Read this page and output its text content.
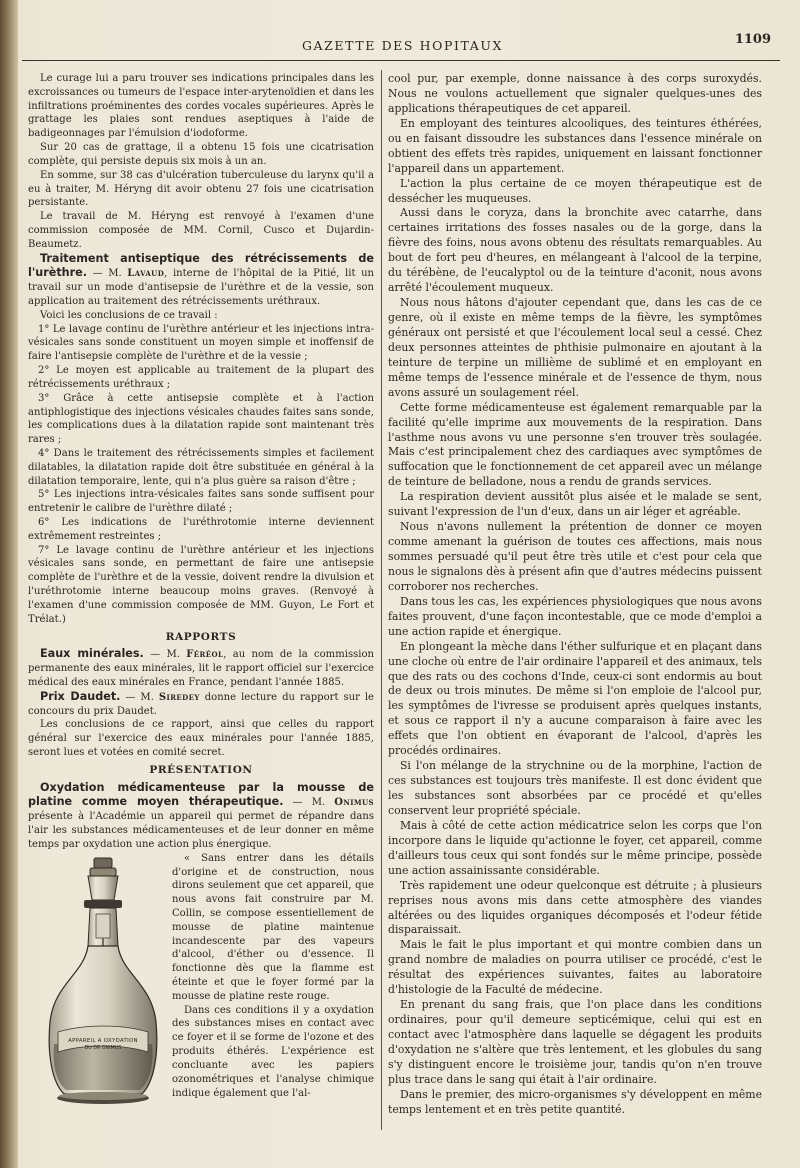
GAZETTE DES HOPITAUX	1109

Le curage lui a paru trouver ses indications principales dans les excroissances ou tumeurs de l'espace inter-arytenoïdien et dans les infiltrations proéminentes des cordes vocales supérieures. Après le grattage les plaies sont rendues aseptiques à l'aide de badigeonnages par l'émulsion d'iodoforme.

Sur 20 cas de grattage, il a obtenu 15 fois une cicatrisation complète, qui persiste depuis six mois à un an.

En somme, sur 38 cas d'ulcération tuberculeuse du larynx qu'il a eu à traiter, M. Héryng dit avoir obtenu 27 fois une cicatrisation persistante.

Le travail de M. Héryng est renvoyé à l'examen d'une commission composée de MM. Cornil, Cusco et Dujardin-Beaumetz.

Traitement antiseptique des rétrécissements de l'urèthre. — M. Lavaud, interne de l'hôpital de la Pitié, lit un travail sur un mode d'antisepsie de l'urèthre et de la vessie, son application au traitement des rétrécissements uréthraux.

Voici les conclusions de ce travail :

1° Le lavage continu de l'urèthre antérieur et les injections intra-vésicales sans sonde constituent un moyen simple et inoffensif de faire l'antisepsie complète de l'urèthre et de la vessie ;

2° Le moyen est applicable au traitement de la plupart des rétrécissements uréthraux ;

3° Grâce à cette antisepsie complète et à l'action antiphlogistique des injections vésicales chaudes faites sans sonde, les complications dues à la dilatation rapide sont maintenant très rares ;

4° Dans le traitement des rétrécissements simples et facilement dilatables, la dilatation rapide doit être substituée en général à la dilatation temporaire, lente, qui n'a plus guère sa raison d'être ;

5° Les injections intra-vésicales faites sans sonde suffisent pour entretenir le calibre de l'urèthre dilaté ;

6° Les indications de l'uréthrotomie interne deviennent extrêmement restreintes ;

7° Le lavage continu de l'urèthre antérieur et les injections vésicales sans sonde, en permettant de faire une antisepsie complète de l'urèthre et de la vessie, doivent rendre la divulsion et l'uréthrotomie interne beaucoup moins graves. (Renvoyé à l'examen d'une commission composée de MM. Guyon, Le Fort et Trélat.)

RAPPORTS

Eaux minérales. — M. Féréol, au nom de la commission permanente des eaux minérales, lit le rapport officiel sur l'exercice médical des eaux minérales en France, pendant l'année 1885.

Prix Daudet. — M. Siredey donne lecture du rapport sur le concours du prix Daudet.

Les conclusions de ce rapport, ainsi que celles du rapport général sur l'exercice des eaux minérales pour l'année 1885, seront lues et votées en comité secret.

PRÉSENTATION

Oxydation médicamenteuse par la mousse de platine comme moyen thérapeutique. — M. Onimus présente à l'Académie un appareil qui permet de répandre dans l'air les substances médicamenteuses et de leur donner en même temps par oxydation une action plus énergique.

APPAREIL A OXYDATION
DU DR ONIMUS

« Sans entrer dans les détails d'origine et de construction, nous dirons seulement que cet appareil, que nous avons fait construire par M. Collin, se compose essentiellement de mousse de platine maintenue incandescente par des vapeurs d'alcool, d'éther ou d'essence. Il fonctionne dès que la flamme est éteinte et que le foyer formé par la mousse de platine reste rouge.

Dans ces conditions il y a oxydation des substances mises en contact avec ce foyer et il se forme de l'ozone et des produits éthérés. L'expérience est concluante avec les papiers ozonométriques et l'analyse chimique indique également que l'al-

cool pur, par exemple, donne naissance à des corps suroxydés. Nous ne voulons actuellement que signaler quelques-unes des applications thérapeutiques de cet appareil.

En employant des teintures alcooliques, des teintures éthérées, ou en faisant dissoudre les substances dans l'essence minérale on obtient des effets très rapides, uniquement en laissant fonctionner l'appareil dans un appartement.

L'action la plus certaine de ce moyen thérapeutique est de dessécher les muqueuses.

Aussi dans le coryza, dans la bronchite avec catarrhe, dans certaines irritations des fosses nasales ou de la gorge, dans la fièvre des foins, nous avons obtenu des résultats remarquables. Au bout de fort peu d'heures, en mélangeant à l'alcool de la terpine, du térébène, de l'eucalyptol ou de la teinture d'aconit, nous avons arrêté l'écoulement muqueux.

Nous nous hâtons d'ajouter cependant que, dans les cas de ce genre, où il existe en même temps de la fièvre, les symptômes généraux ont persisté et que l'écoulement local seul a cessé. Chez deux personnes atteintes de phthisie pulmonaire en ajoutant à la teinture de terpine un millième de sublimé et en employant en même temps de l'essence minérale et de l'essence de thym, nous avons assuré un soulagement réel.

Cette forme médicamenteuse est également remarquable par la facilité qu'elle imprime aux mouvements de la respiration. Dans l'asthme nous avons vu une personne s'en trouver très soulagée. Mais c'est principalement chez des cardiaques avec symptômes de suffocation que le fonctionnement de cet appareil avec un mélange de teinture de belladone, nous a rendu de grands services.

La respiration devient aussitôt plus aisée et le malade se sent, suivant l'expression de l'un d'eux, dans un air léger et agréable.

Nous n'avons nullement la prétention de donner ce moyen comme amenant la guérison de toutes ces affections, mais nous sommes persuadé qu'il peut être très utile et c'est pour cela que nous le signalons dès à présent afin que d'autres médecins puissent corroborer nos recherches.

Dans tous les cas, les expériences physiologiques que nous avons faites prouvent, d'une façon incontestable, que ce mode d'emploi a une action rapide et énergique.

En plongeant la mèche dans l'éther sulfurique et en plaçant dans une cloche où entre de l'air ordinaire l'appareil et des animaux, tels que des rats ou des cochons d'Inde, ceux-ci sont endormis au bout de deux ou trois minutes. De même si l'on emploie de l'alcool pur, les symptômes de l'ivresse se produisent après quelques instants, et sous ce rapport il n'y a aucune comparaison à faire avec les effets que l'on obtient en évaporant de l'alcool, d'après les procédés ordinaires.

Si l'on mélange de la strychnine ou de la morphine, l'action de ces substances est toujours très manifeste. Il est donc évident que les substances sont absorbées par ce procédé et qu'elles conservent leur propriété spéciale.

Mais à côté de cette action médicatrice selon les corps que l'on incorpore dans le liquide qu'actionne le foyer, cet appareil, comme d'ailleurs tous ceux qui sont fondés sur le même principe, possède une action assainissante considérable.

Très rapidement une odeur quelconque est détruite ; à plusieurs reprises nous avons mis dans cette atmosphère des viandes altérées ou des liquides organiques décomposés et l'odeur fétide disparaissait.

Mais le fait le plus important et qui montre combien dans un grand nombre de maladies on pourra utiliser ce procédé, c'est le résultat des expériences suivantes, faites au laboratoire d'histologie de la Faculté de médecine.

En prenant du sang frais, que l'on place dans les conditions ordinaires, pour qu'il demeure septicémique, celui qui est en contact avec l'atmosphère dans laquelle se dégagent les produits d'oxydation ne s'altère que très lentement, et les globules du sang s'y distinguent encore le troisième jour, tandis qu'on n'en trouve plus trace dans le sang qui était à l'air ordinaire.

Dans le premier, des micro-organismes s'y développent en même temps lentement et en très petite quantité.
